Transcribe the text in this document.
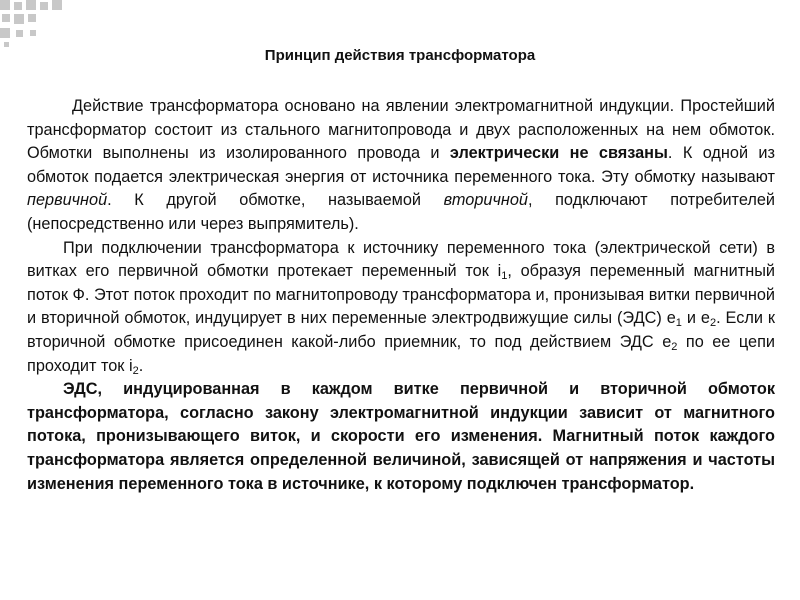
Принцип действия трансформатора

Действие трансформатора основано на явлении электромагнитной индукции. Простейший трансформатор состоит из стального магнитопровода и двух расположенных на нем обмоток. Обмотки выполнены из изолированного провода и электрически не связаны. К одной из обмоток подается электрическая энергия от источника переменного тока. Эту обмотку называют первичной. К другой обмотке, называемой вторичной, подключают потребителей (непосредственно или через выпрямитель).

При подключении трансформатора к источнику переменного тока (электрической сети) в витках его первичной обмотки протекает переменный ток $i_1$, образуя переменный магнитный поток Ф. Этот поток проходит по магнитопроводу трансформатора и, пронизывая витки первичной и вторичной обмоток, индуцирует в них переменные электродвижущие силы (ЭДС) $e_1$ и $e_2$. Если к вторичной обмотке присоединен какой-либо приемник, то под действием ЭДС $e_2$ по ее цепи проходит ток $i_2$.

ЭДС, индуцированная в каждом витке первичной и вторичной обмоток трансформатора, согласно закону электромагнитной индукции зависит от магнитного потока, пронизывающего виток, и скорости его изменения. Магнитный поток каждого трансформатора является определенной величиной, зависящей от напряжения и частоты изменения переменного тока в источнике, к которому подключен трансформатор.
